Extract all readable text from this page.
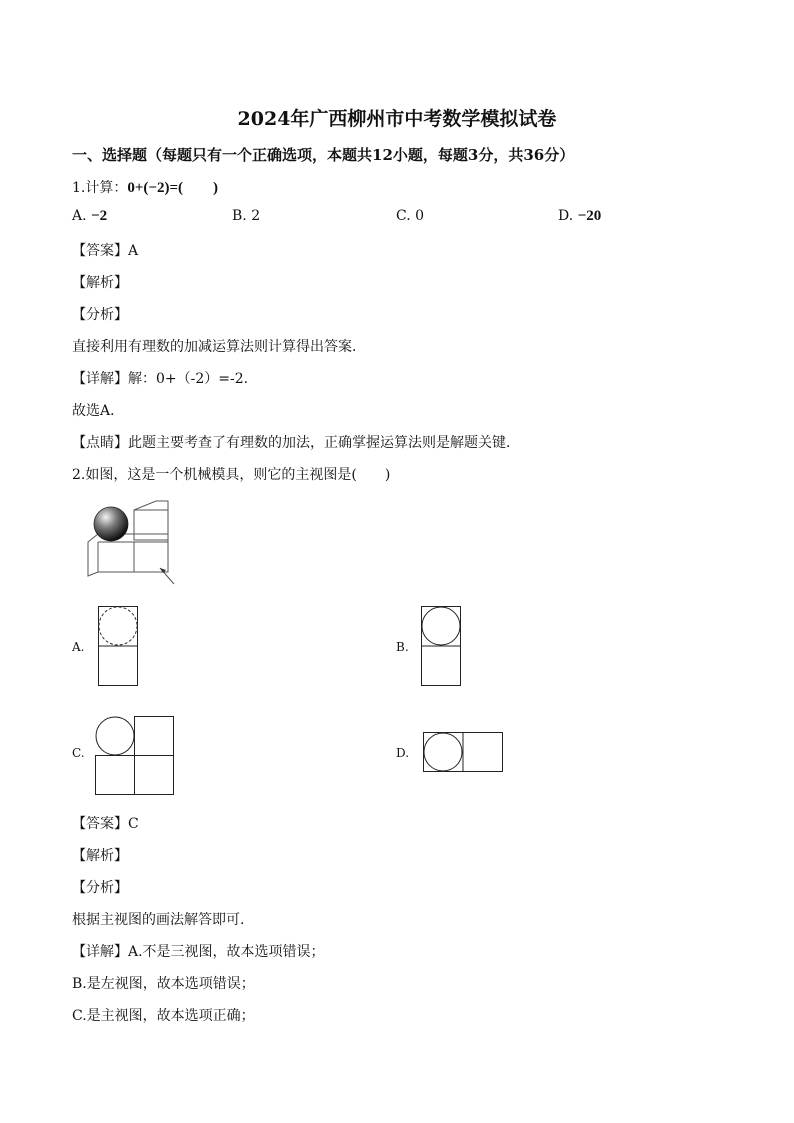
2024年广西柳州市中考数学模拟试卷
一、选择题（每题只有一个正确选项，本题共12小题，每题3分，共36分）
1.计算：0+(−2)=(　　)
A. −2	B. 2	C. 0	D. −20
【答案】A
【解析】
【分析】
直接利用有理数的加减运算法则计算得出答案．
【详解】解：0+（-2）=-2.
故选A．
【点睛】此题主要考查了有理数的加法，正确掌握运算法则是解题关键．
2.如图，这是一个机械模具，则它的主视图是(　　)
A.	B.
C.	D.
【答案】C
【解析】
【分析】
根据主视图的画法解答即可.
【详解】A.不是三视图，故本选项错误；
B.是左视图，故本选项错误；
C.是主视图，故本选项正确；
